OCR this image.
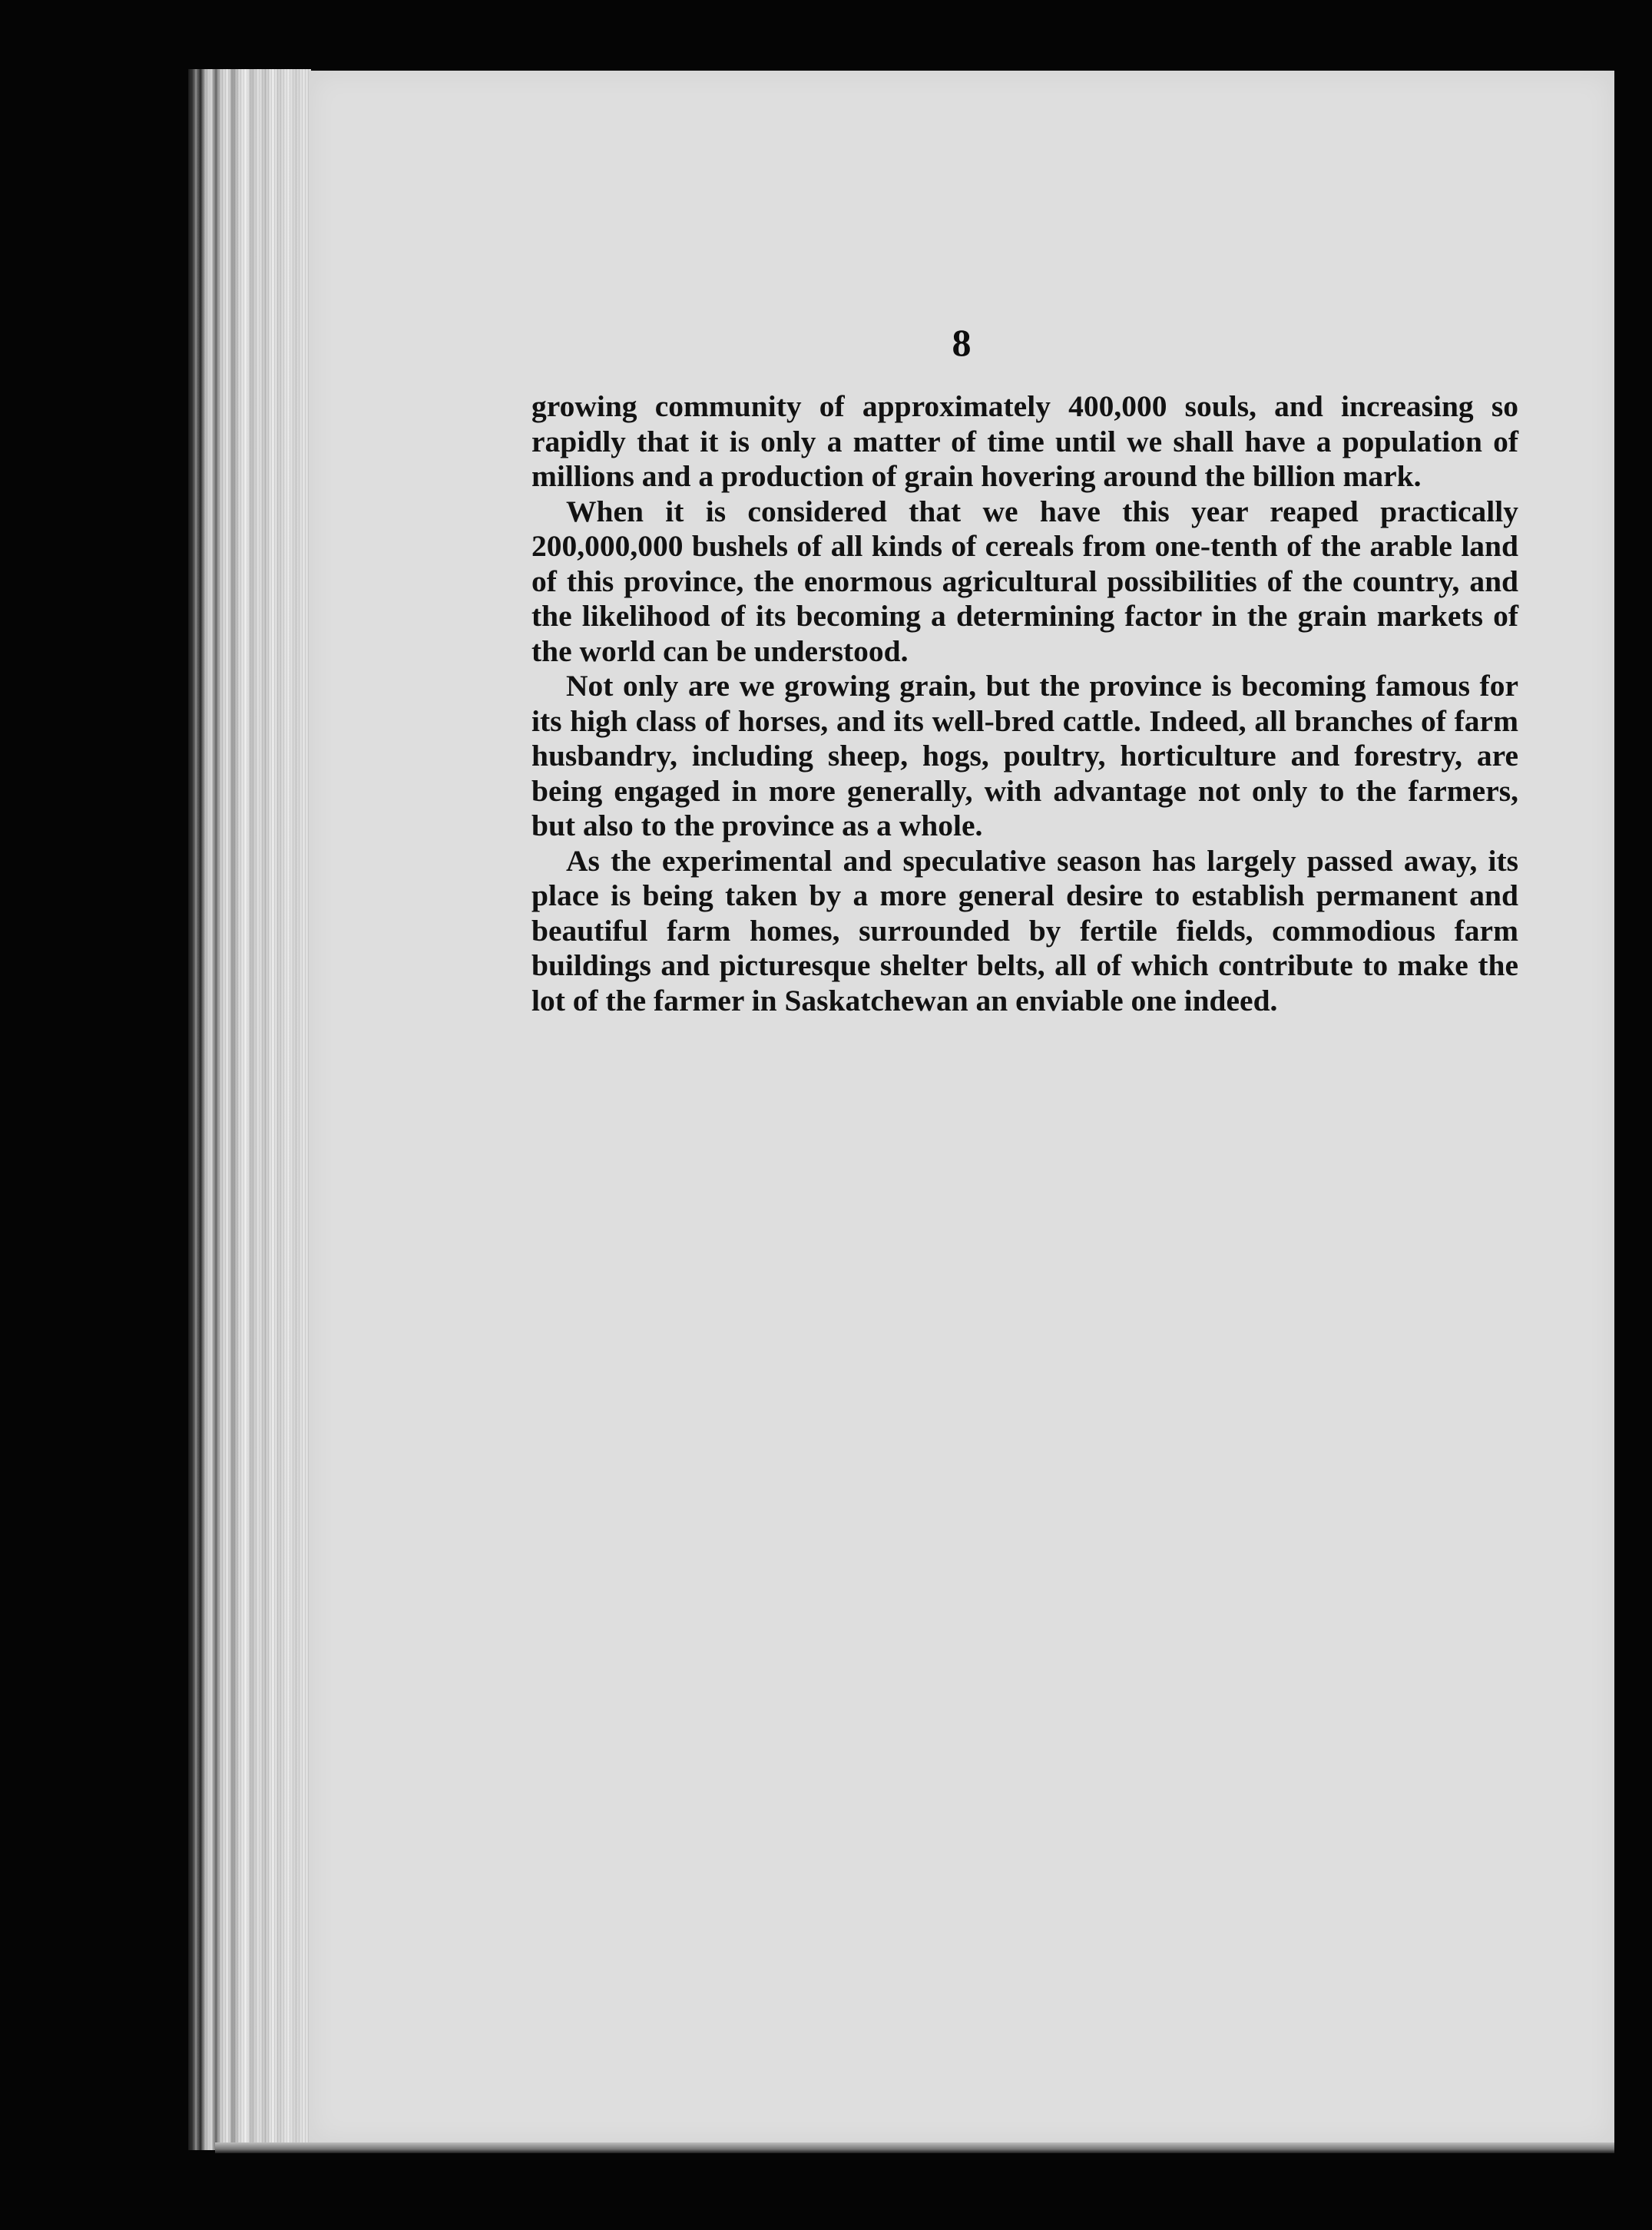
8

growing community of approximately 400,000 souls, and increasing so rapidly that it is only a matter of time until we shall have a population of millions and a production of grain hovering around the billion mark.

When it is considered that we have this year reaped practically 200,000,000 bushels of all kinds of cereals from one-tenth of the arable land of this province, the enormous agricultural possibilities of the country, and the likelihood of its becoming a determining factor in the grain markets of the world can be understood.

Not only are we growing grain, but the province is becoming famous for its high class of horses, and its well-bred cattle. Indeed, all branches of farm husbandry, including sheep, hogs, poultry, horticulture and forestry, are being engaged in more generally, with advantage not only to the farmers, but also to the province as a whole.

As the experimental and speculative season has largely passed away, its place is being taken by a more general desire to establish permanent and beautiful farm homes, surrounded by fertile fields, commodious farm buildings and picturesque shelter belts, all of which contribute to make the lot of the farmer in Saskatchewan an enviable one indeed.
